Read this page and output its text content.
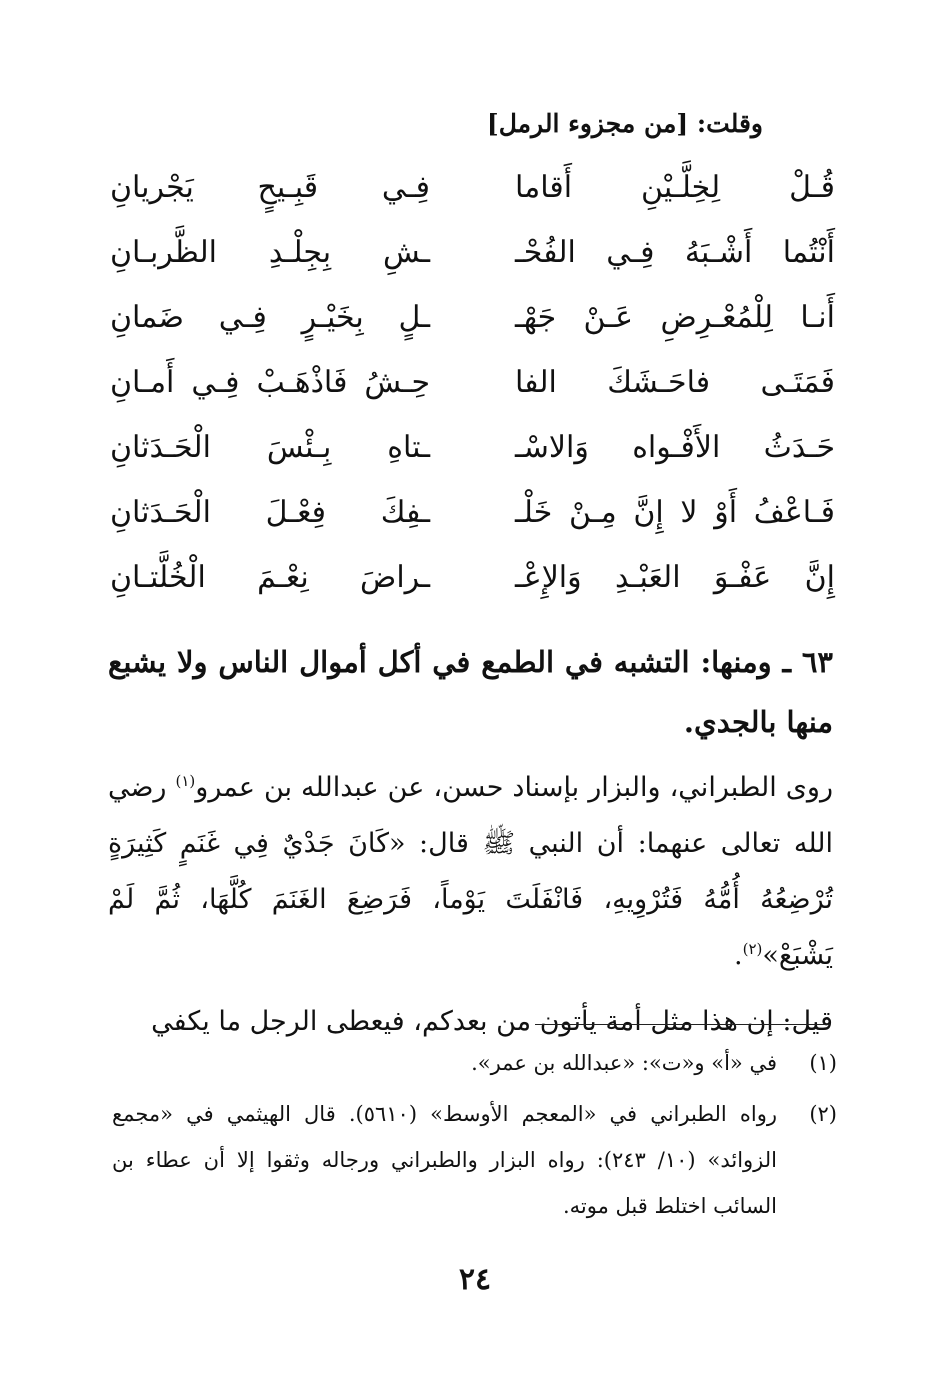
وقلت: [من مجزوء الرمل]
قُـلْ لِخِلَّـيْنِ أَقاما
فِـي قَبِـيحٍ يَجْريانِ
أَنْتُما أَشْـبَهُ فِـي الفُحْـ
ـشِ بِجِلْـدِ الظَّربـانِ
أَنـا لِلْمُعْـرِضِ عَـنْ جَهْـ
ـلٍ بِخَيْـرٍ فِـي ضَمانِ
فَمَتَـى فاحَـشَكَ الفا
حِـشُ فَاذْهَـبْ فِـي أَمـانِ
حَـدَثُ الأَفْـواه وَالاسْـ
ـتاهِ بِـئْسَ الْحَـدَثانِ
فَـاعْفُ أَوْ لا إِنَّ مِـنْ خَلْـ
ـفِكَ فِعْـلَ الْحَـدَثانِ
إِنَّ عَفْـوَ العَبْـدِ وَالإِعْـ
ـراضَ نِعْـمَ الْخُلَّتـانِ
٦٣ ـ ومنها: التشبه في الطمع في أكل أموال الناس ولا يشبع منها بالجدي.

روى الطبراني، والبزار بإسناد حسن، عن عبدالله بن عمرو$^{(١)}$ رضي الله تعالى عنهما: أن النبي ﷺ قال: «كَانَ جَدْيٌ فِي غَنَمٍ كَثِيرَةٍ تُرْضِعُهُ أُمُّهُ فَتُرْوِيهِ، فَانْفَلَتَ يَوْماً، فَرَضِعَ الغَنَمَ كُلَّهَا، ثُمَّ لَمْ يَشْبَعْ»$^{(٢)}$.

قيل: إن هذا مثل أمة يأتون من بعدكم، فيعطى الرجل ما يكفي

(١)
في «أ» و«ت»: «عبدالله بن عمر».
(٢)
رواه الطبراني في «المعجم الأوسط» (٥٦١٠). قال الهيثمي في «مجمع الزوائد» (١٠/ ٢٤٣): رواه البزار والطبراني ورجاله وثقوا إلا أن عطاء بن السائب اختلط قبل موته.
٢٤
